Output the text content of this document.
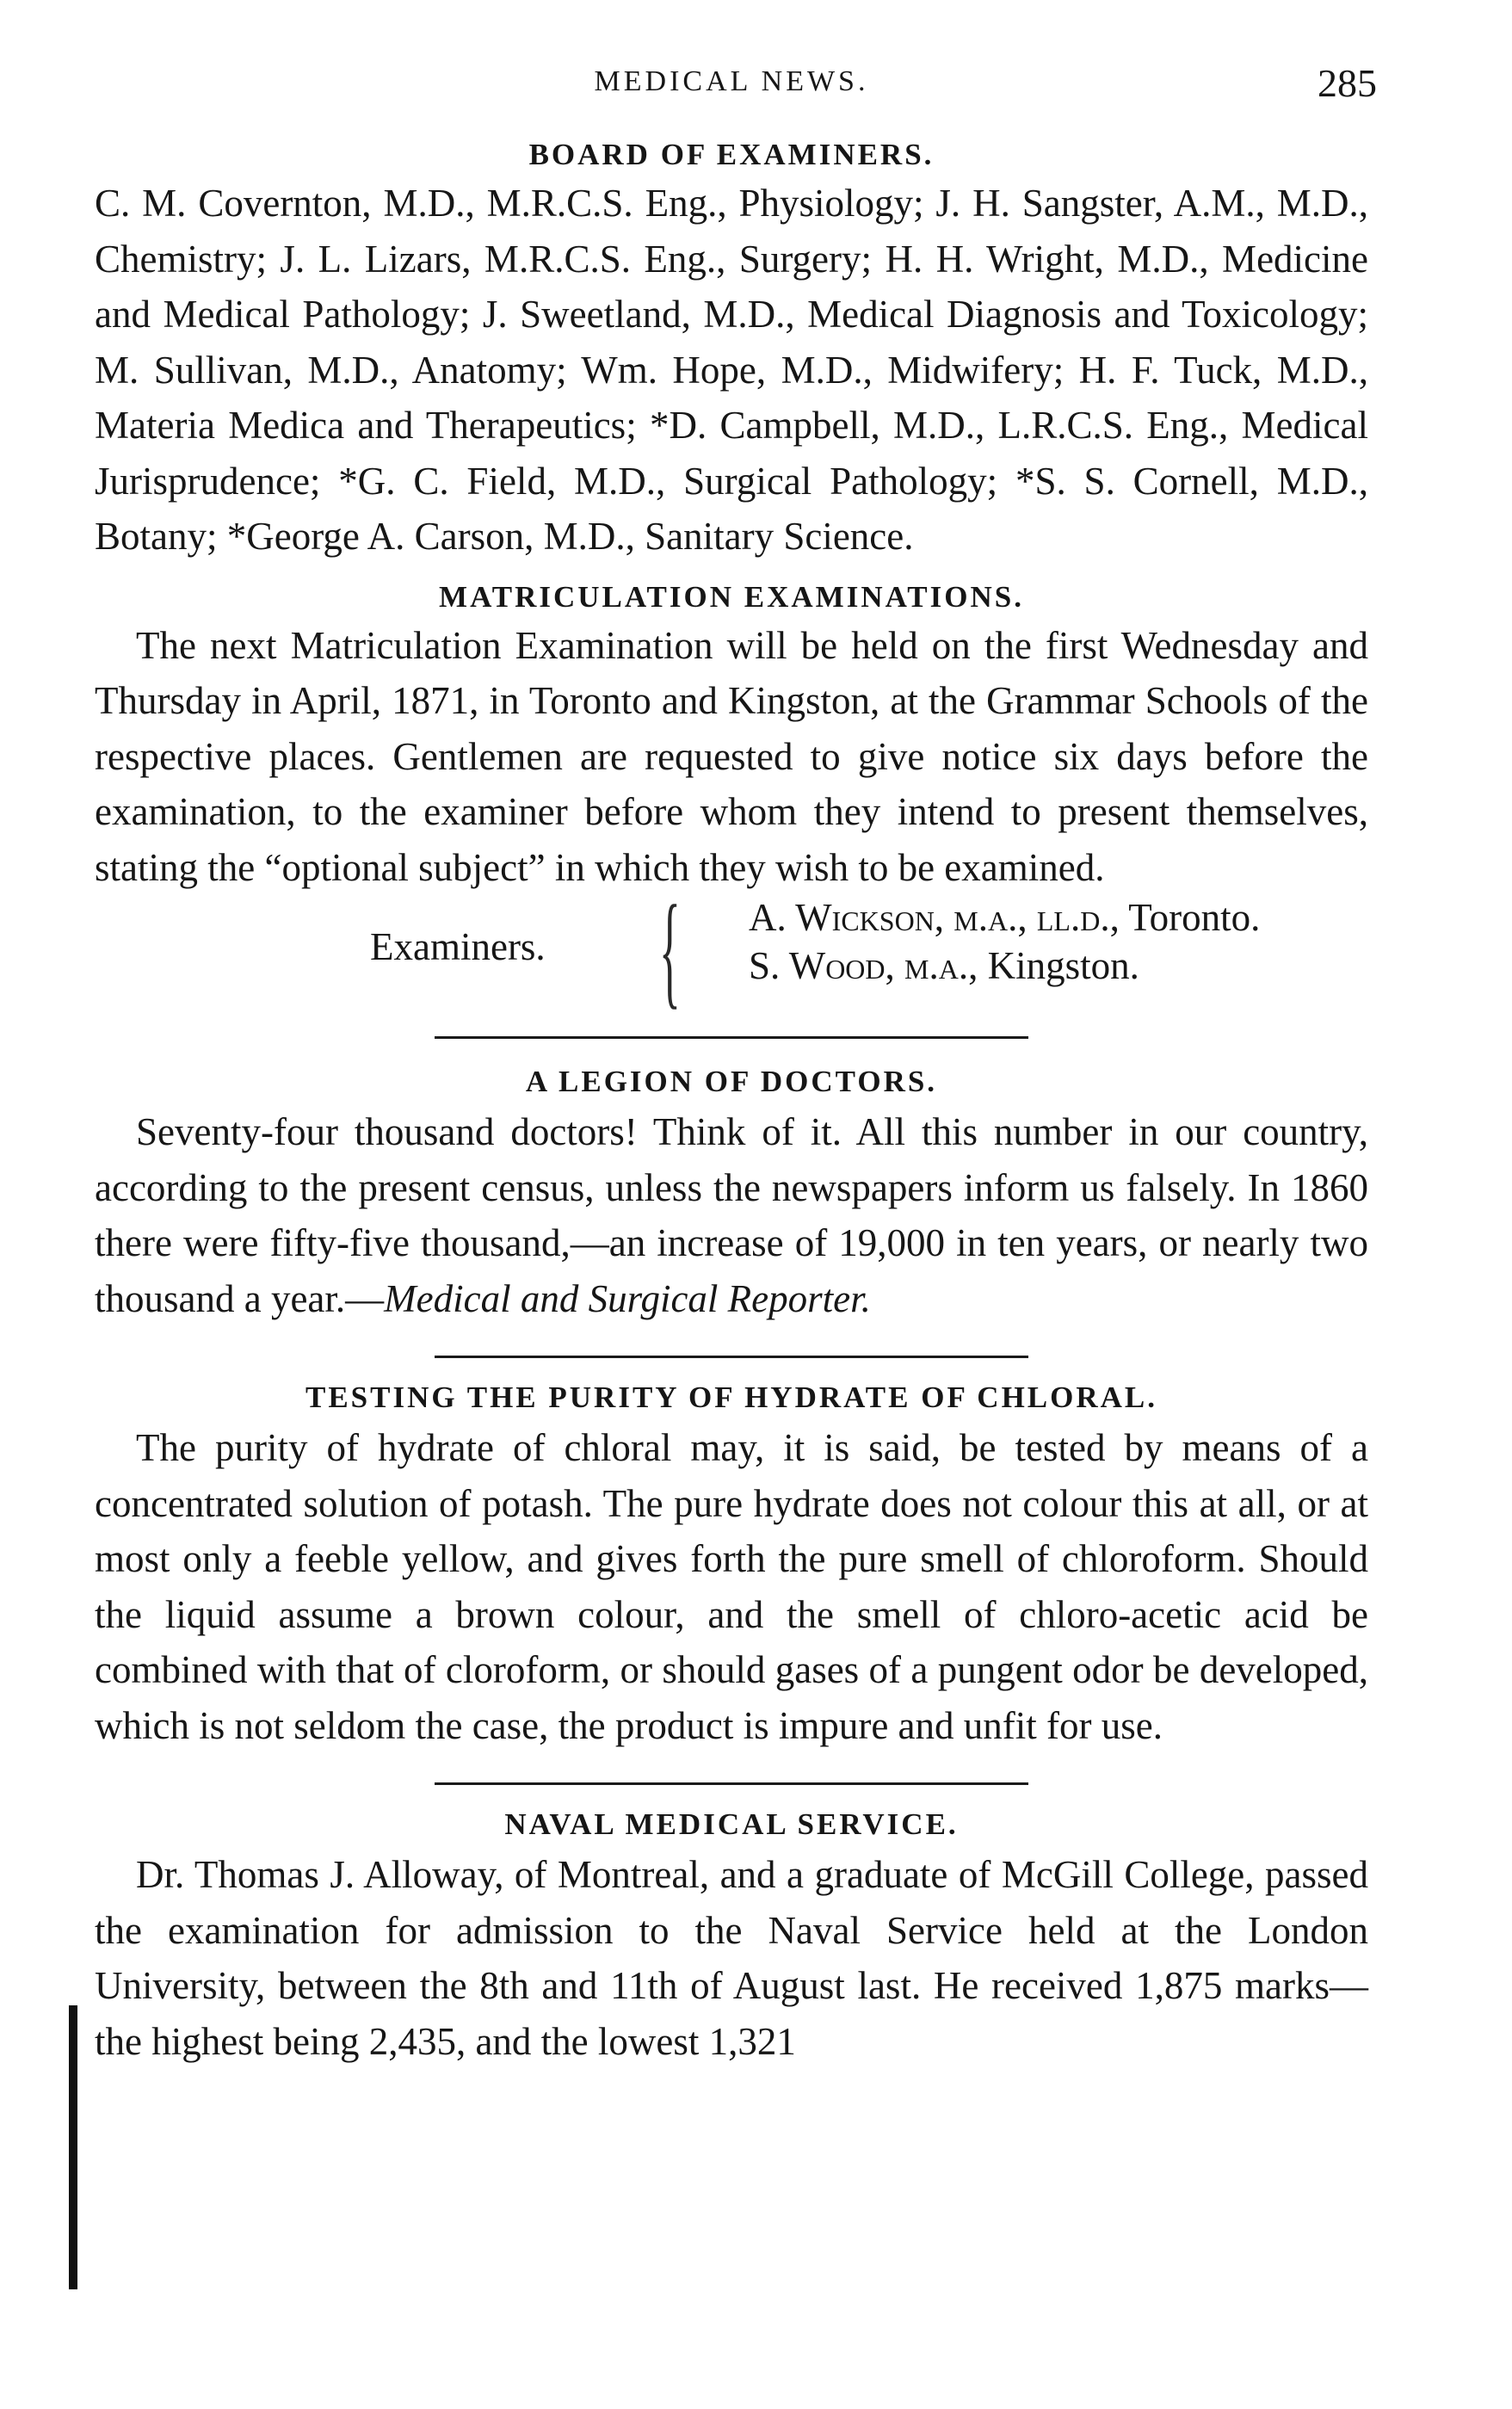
MEDICAL NEWS.	285
BOARD OF EXAMINERS.

C. M. Covernton, M.D., M.R.C.S. Eng., Physiology; J. H. Sangster, A.M., M.D., Chemistry; J. L. Lizars, M.R.C.S. Eng., Surgery; H. H. Wright, M.D., Medicine and Medical Pathology; J. Sweetland, M.D., Medical Diagnosis and Toxicology; M. Sullivan, M.D., Anatomy; Wm. Hope, M.D., Midwifery; H. F. Tuck, M.D., Materia Medica and Therapeutics; *D. Campbell, M.D., L.R.C.S. Eng., Medical Jurisprudence; *G. C. Field, M.D., Surgical Pathology; *S. S. Cornell, M.D., Botany; *George A. Carson, M.D., Sanitary Science.

MATRICULATION EXAMINATIONS.

The next Matriculation Examination will be held on the first Wednesday and Thursday in April, 1871, in Toronto and Kingston, at the Grammar Schools of the respective places. Gentlemen are requested to give notice six days before the examination, to the examiner before whom they intend to present themselves, stating the “optional subject” in which they wish to be examined.

Examiners. { A. Wickson, m.a., ll.d., Toronto.
S. Wood, m.a., Kingston.
A LEGION OF DOCTORS.

Seventy-four thousand doctors! Think of it. All this number in our country, according to the present census, unless the newspapers inform us falsely. In 1860 there were fifty-five thousand,—an increase of 19,000 in ten years, or nearly two thousand a year.—Medical and Surgical Reporter.

TESTING THE PURITY OF HYDRATE OF CHLORAL.

The purity of hydrate of chloral may, it is said, be tested by means of a concentrated solution of potash. The pure hydrate does not colour this at all, or at most only a feeble yellow, and gives forth the pure smell of chloroform. Should the liquid assume a brown colour, and the smell of chloro-acetic acid be combined with that of cloroform, or should gases of a pungent odor be developed, which is not seldom the case, the product is impure and unfit for use.

NAVAL MEDICAL SERVICE.

Dr. Thomas J. Alloway, of Montreal, and a graduate of McGill College, passed the examination for admission to the Naval Service held at the London University, between the 8th and 11th of August last. He received 1,875 marks—the highest being 2,435, and the lowest 1,321
